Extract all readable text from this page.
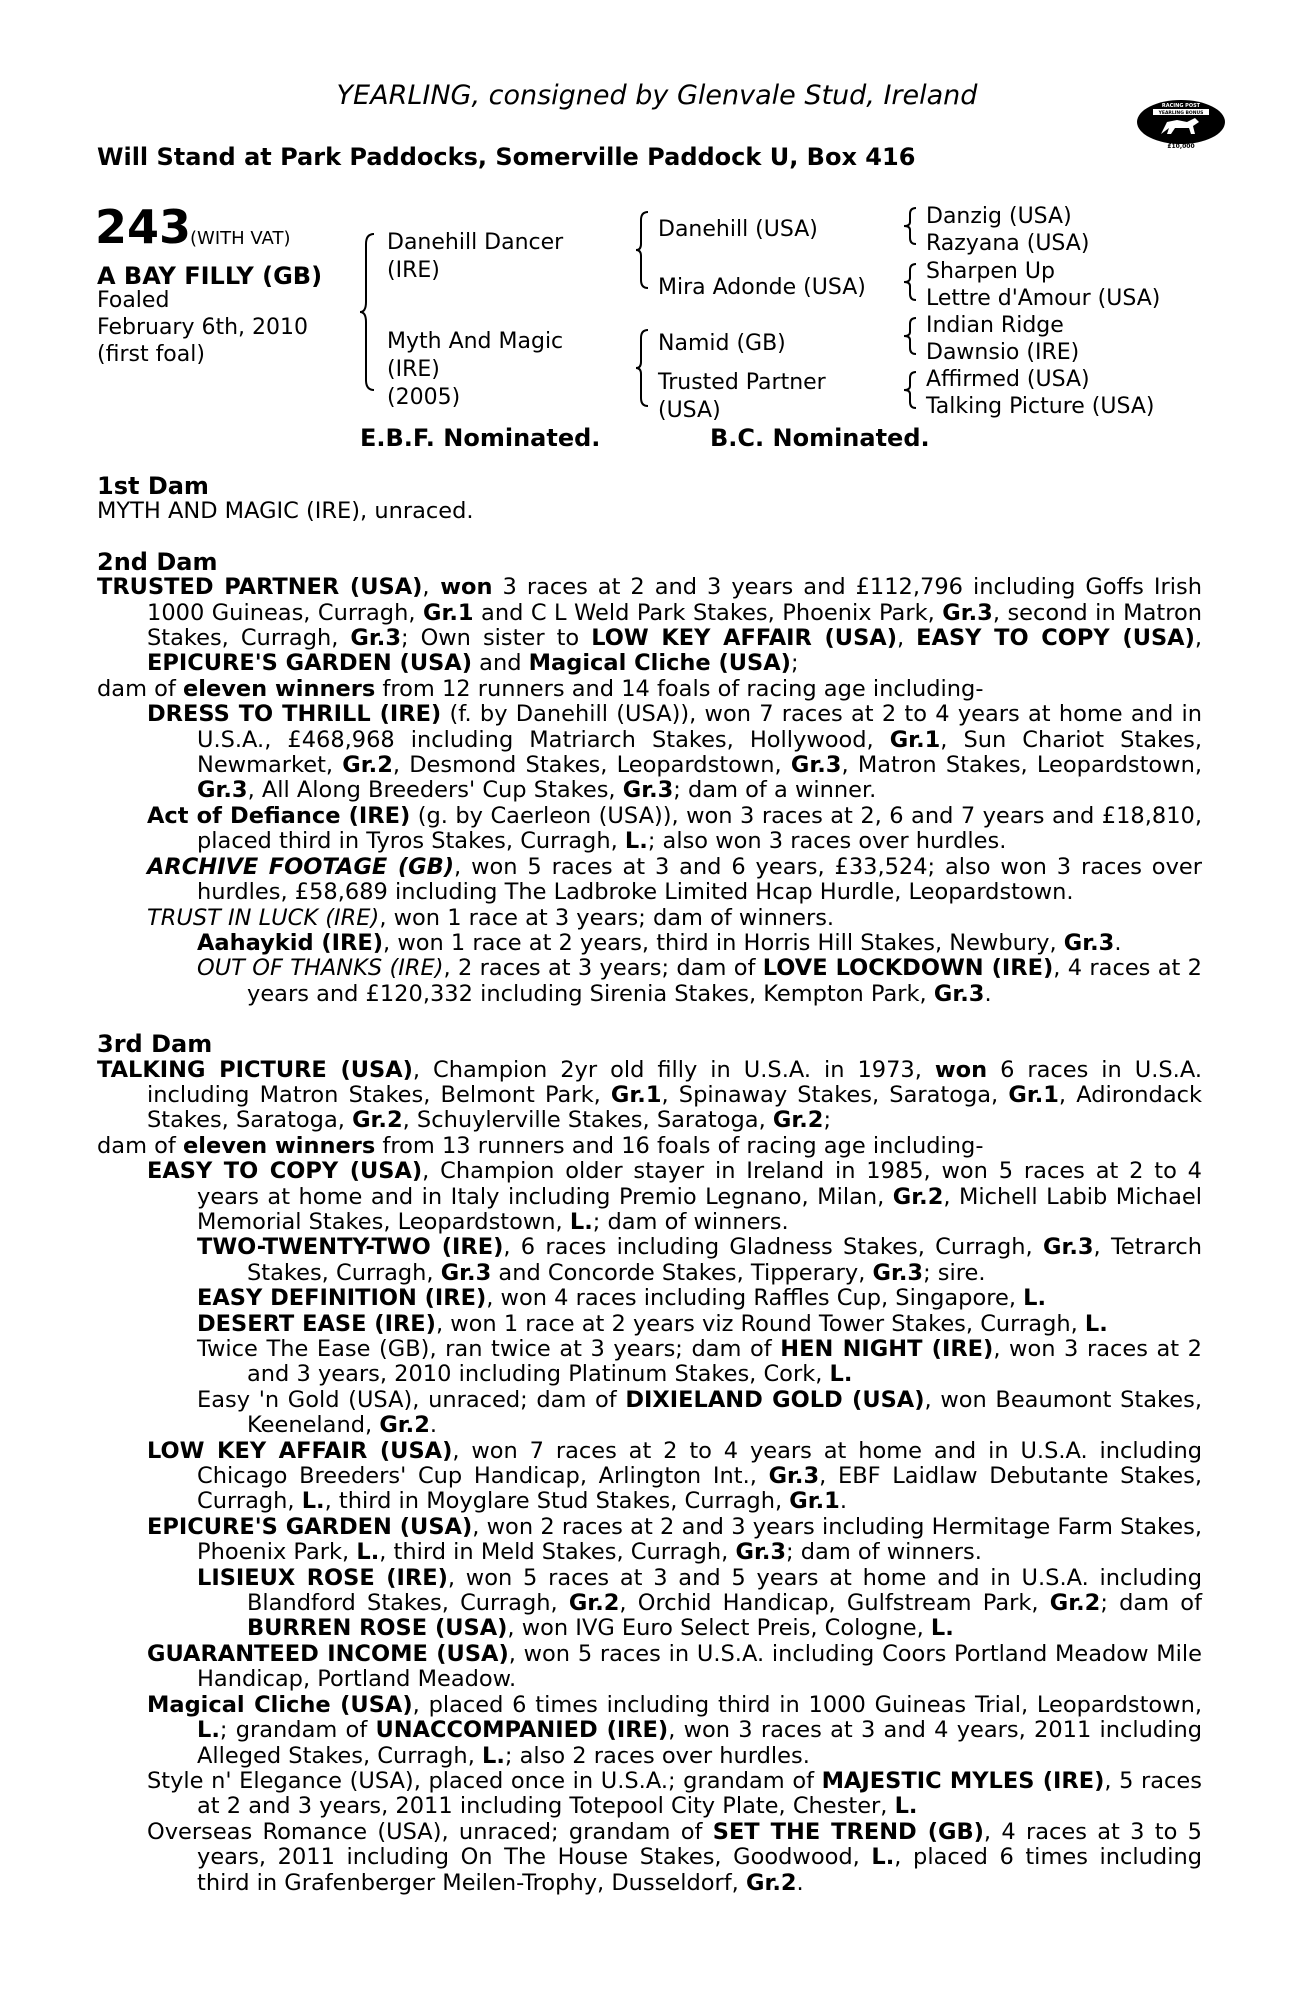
YEARLING, consigned by Glenvale Stud, Ireland
Will Stand at Park Paddocks, Somerville Paddock U, Box 416
RACING POST
YEARLING BONUS
£10,000
243
(WITH VAT)
A BAY FILLY (GB)
Foaled
February 6th, 2010
(first foal)
Danehill Dancer
(IRE)
Myth And Magic
(IRE)
(2005)
Danehill (USA)
Mira Adonde (USA)
Namid (GB)
Trusted Partner
(USA)
Danzig (USA)
Razyana (USA)
Sharpen Up
Lettre d'Amour (USA)
Indian Ridge
Dawnsio (IRE)
Affirmed (USA)
Talking Picture (USA)
E.B.F. Nominated.	B.C. Nominated.
1st Dam
MYTH AND MAGIC (IRE), unraced.
2nd Dam
TRUSTED PARTNER (USA), won 3 races at 2 and 3 years and £112,796 including Goffs Irish 1000 Guineas, Curragh, Gr.1 and C L Weld Park Stakes, Phoenix Park, Gr.3, second in Matron Stakes, Curragh, Gr.3; Own sister to LOW KEY AFFAIR (USA), EASY TO COPY (USA), EPICURE'S GARDEN (USA) and Magical Cliche (USA);
dam of eleven winners from 12 runners and 14 foals of racing age including-
DRESS TO THRILL (IRE) (f. by Danehill (USA)), won 7 races at 2 to 4 years at home and in U.S.A., £468,968 including Matriarch Stakes, Hollywood, Gr.1, Sun Chariot Stakes, Newmarket, Gr.2, Desmond Stakes, Leopardstown, Gr.3, Matron Stakes, Leopardstown, Gr.3, All Along Breeders' Cup Stakes, Gr.3; dam of a winner.
Act of Defiance (IRE) (g. by Caerleon (USA)), won 3 races at 2, 6 and 7 years and £18,810, placed third in Tyros Stakes, Curragh, L.; also won 3 races over hurdles.
ARCHIVE FOOTAGE (GB), won 5 races at 3 and 6 years, £33,524; also won 3 races over hurdles, £58,689 including The Ladbroke Limited Hcap Hurdle, Leopardstown.
TRUST IN LUCK (IRE), won 1 race at 3 years; dam of winners.
Aahaykid (IRE), won 1 race at 2 years, third in Horris Hill Stakes, Newbury, Gr.3.
OUT OF THANKS (IRE), 2 races at 3 years; dam of LOVE LOCKDOWN (IRE), 4 races at 2 years and £120,332 including Sirenia Stakes, Kempton Park, Gr.3.
3rd Dam
TALKING PICTURE (USA), Champion 2yr old filly in U.S.A. in 1973, won 6 races in U.S.A. including Matron Stakes, Belmont Park, Gr.1, Spinaway Stakes, Saratoga, Gr.1, Adirondack Stakes, Saratoga, Gr.2, Schuylerville Stakes, Saratoga, Gr.2;
dam of eleven winners from 13 runners and 16 foals of racing age including-
EASY TO COPY (USA), Champion older stayer in Ireland in 1985, won 5 races at 2 to 4 years at home and in Italy including Premio Legnano, Milan, Gr.2, Michell Labib Michael Memorial Stakes, Leopardstown, L.; dam of winners.
TWO-TWENTY-TWO (IRE), 6 races including Gladness Stakes, Curragh, Gr.3, Tetrarch Stakes, Curragh, Gr.3 and Concorde Stakes, Tipperary, Gr.3; sire.
EASY DEFINITION (IRE), won 4 races including Raffles Cup, Singapore, L.
DESERT EASE (IRE), won 1 race at 2 years viz Round Tower Stakes, Curragh, L.
Twice The Ease (GB), ran twice at 3 years; dam of HEN NIGHT (IRE), won 3 races at 2 and 3 years, 2010 including Platinum Stakes, Cork, L.
Easy 'n Gold (USA), unraced; dam of DIXIELAND GOLD (USA), won Beaumont Stakes, Keeneland, Gr.2.
LOW KEY AFFAIR (USA), won 7 races at 2 to 4 years at home and in U.S.A. including Chicago Breeders' Cup Handicap, Arlington Int., Gr.3, EBF Laidlaw Debutante Stakes, Curragh, L., third in Moyglare Stud Stakes, Curragh, Gr.1.
EPICURE'S GARDEN (USA), won 2 races at 2 and 3 years including Hermitage Farm Stakes, Phoenix Park, L., third in Meld Stakes, Curragh, Gr.3; dam of winners.
LISIEUX ROSE (IRE), won 5 races at 3 and 5 years at home and in U.S.A. including Blandford Stakes, Curragh, Gr.2, Orchid Handicap, Gulfstream Park, Gr.2; dam of BURREN ROSE (USA), won IVG Euro Select Preis, Cologne, L.
GUARANTEED INCOME (USA), won 5 races in U.S.A. including Coors Portland Meadow Mile Handicap, Portland Meadow.
Magical Cliche (USA), placed 6 times including third in 1000 Guineas Trial, Leopardstown, L.; grandam of UNACCOMPANIED (IRE), won 3 races at 3 and 4 years, 2011 including Alleged Stakes, Curragh, L.; also 2 races over hurdles.
Style n' Elegance (USA), placed once in U.S.A.; grandam of MAJESTIC MYLES (IRE), 5 races at 2 and 3 years, 2011 including Totepool City Plate, Chester, L.
Overseas Romance (USA), unraced; grandam of SET THE TREND (GB), 4 races at 3 to 5 years, 2011 including On The House Stakes, Goodwood, L., placed 6 times including third in Grafenberger Meilen-Trophy, Dusseldorf, Gr.2.
